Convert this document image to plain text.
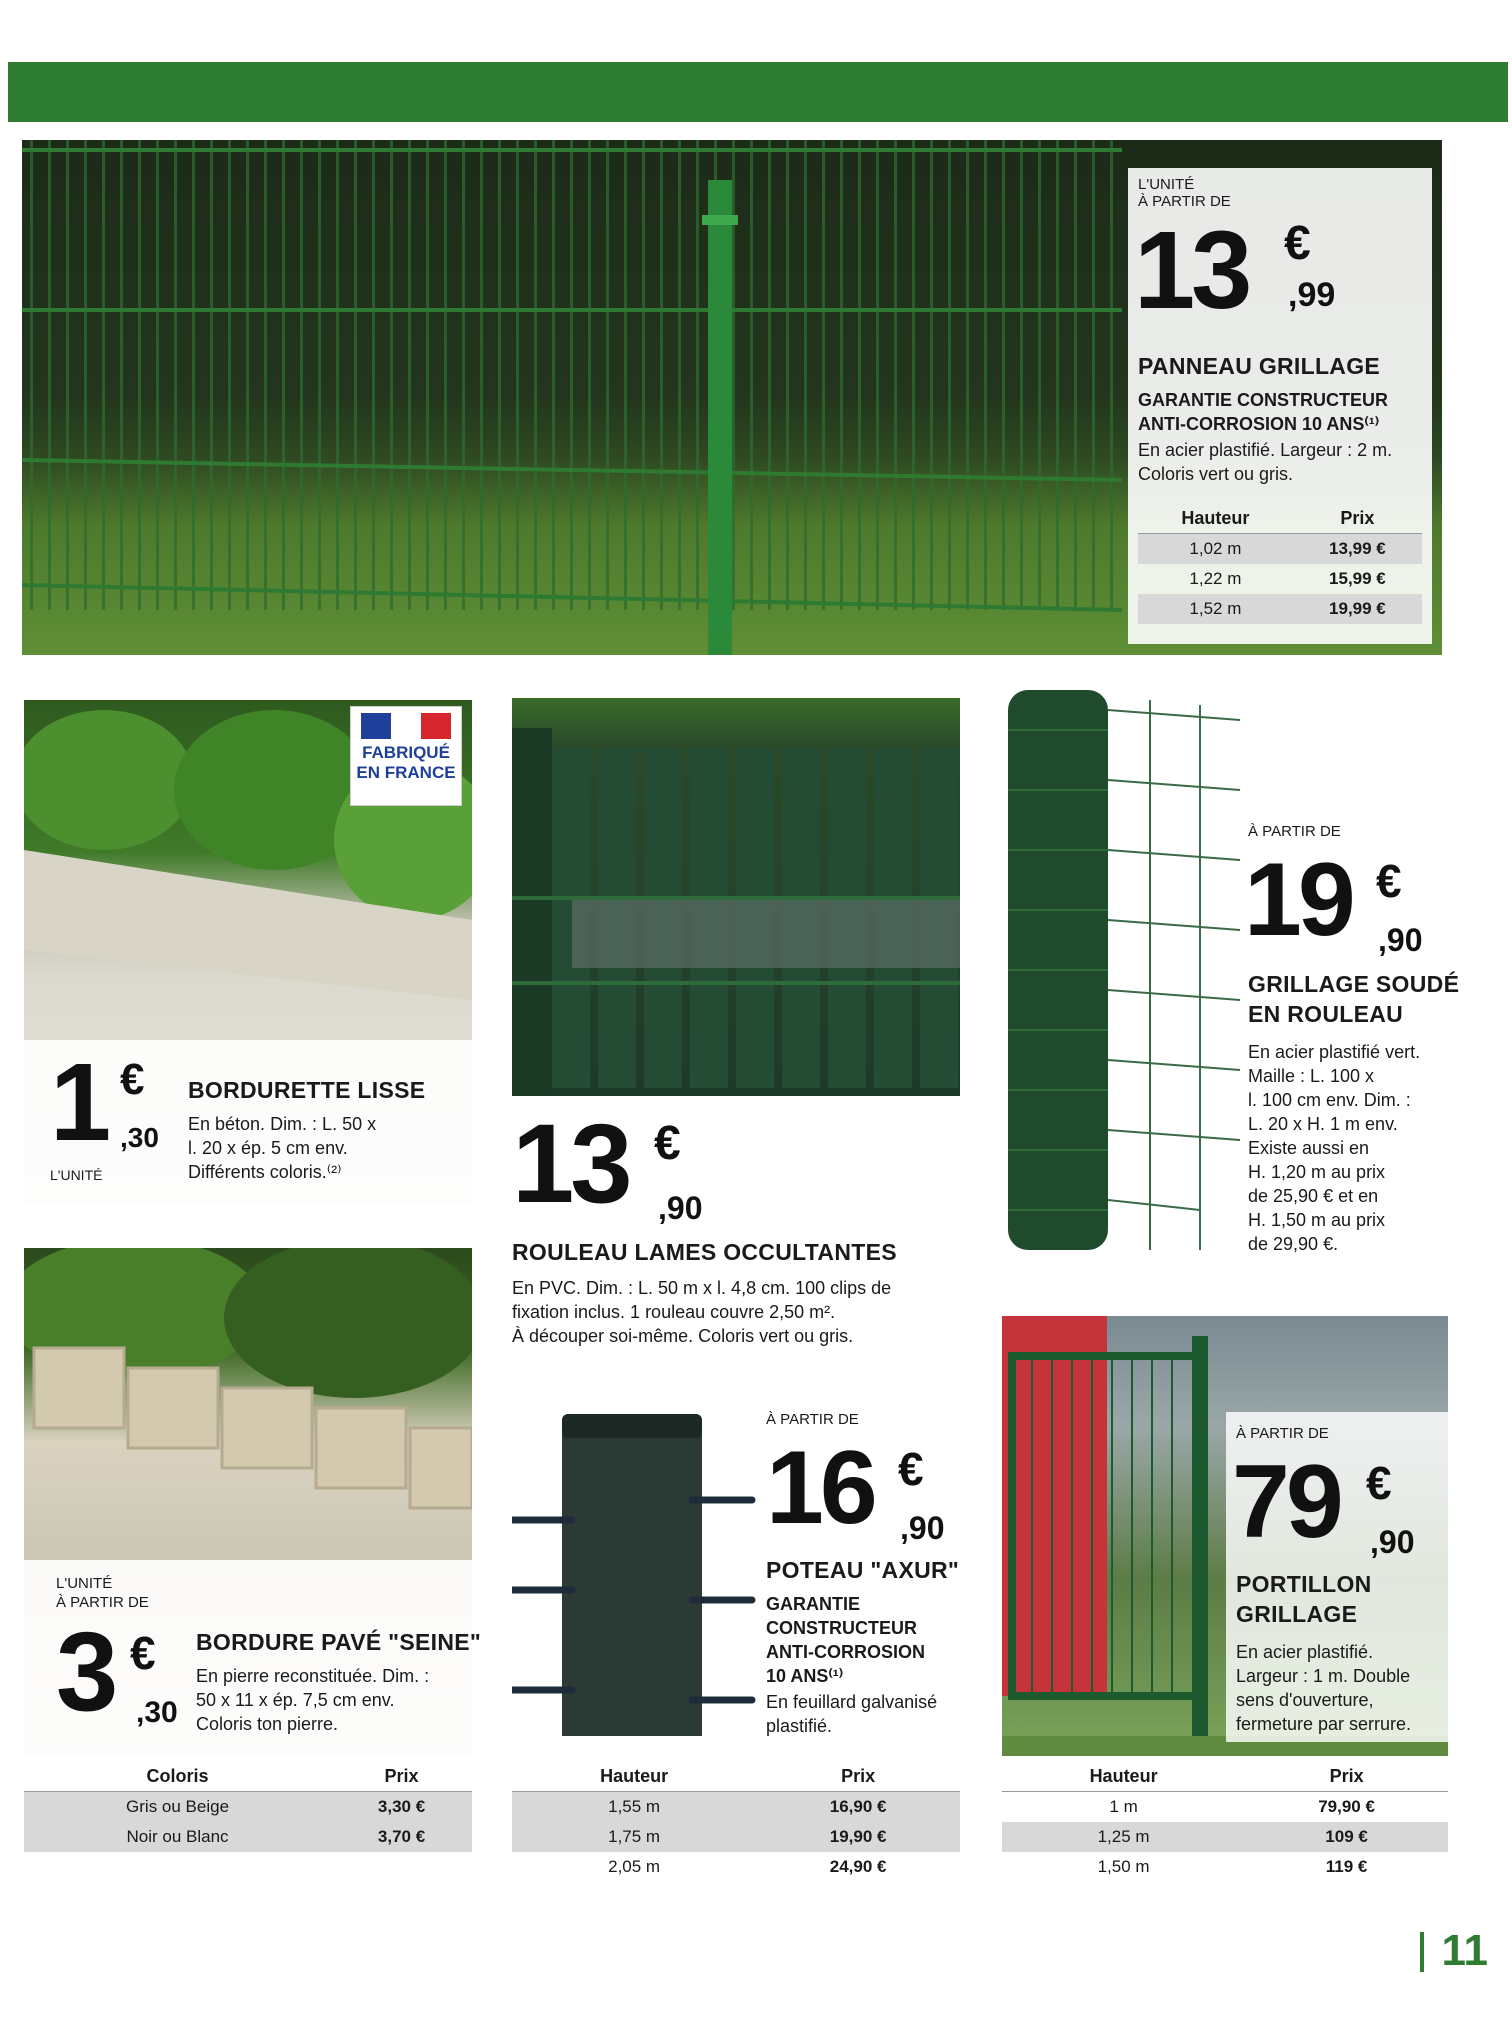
L'UNITÉ
À PARTIR DE
13 €
,99
PANNEAU GRILLAGE
GARANTIE CONSTRUCTEUR
ANTI-CORROSION 10 ANS⁽¹⁾
En acier plastifié. Largeur : 2 m.
Coloris vert ou gris.
Hauteur	Prix
1,02 m	13,99 €
1,22 m	15,99 €
1,52 m	19,99 €
FABRIQUÉ
EN FRANCE
1 €
,30
L'UNITÉ
BORDURETTE LISSE
En béton. Dim. : L. 50 x
l. 20 x ép. 5 cm env.
Différents coloris.⁽²⁾ 13 €
,90
ROULEAU LAMES OCCULTANTES
En PVC. Dim. : L. 50 m x l. 4,8 cm. 100 clips de
fixation inclus. 1 rouleau couvre 2,50 m².
À découper soi-même. Coloris vert ou gris.
À PARTIR DE
19 €
,90
GRILLAGE SOUDÉ
EN ROULEAU
En acier plastifié vert.
Maille : L. 100 x
l. 100 cm env. Dim. :
L. 20 x H. 1 m env.
Existe aussi en
H. 1,20 m au prix
de 25,90 € et en
H. 1,50 m au prix
de 29,90 €.
L'UNITÉ
À PARTIR DE
3 €
,30
BORDURE PAVÉ "SEINE"
En pierre reconstituée. Dim. :
50 x 11 x ép. 7,5 cm env.
Coloris ton pierre.
Coloris	Prix
Gris ou Beige	3,30 €
Noir ou Blanc	3,70 €
À PARTIR DE
16 €
,90
POTEAU "AXUR"
GARANTIE
CONSTRUCTEUR
ANTI-CORROSION
10 ANS⁽¹⁾
En feuillard galvanisé
plastifié.
Hauteur	Prix
1,55 m	16,90 €
1,75 m	19,90 €
2,05 m	24,90 €
À PARTIR DE
79 €
,90
PORTILLON
GRILLAGE
En acier plastifié.
Largeur : 1 m. Double
sens d'ouverture,
fermeture par serrure.
Hauteur	Prix
1 m	79,90 €
1,25 m	109 €
1,50 m	119 €
11
